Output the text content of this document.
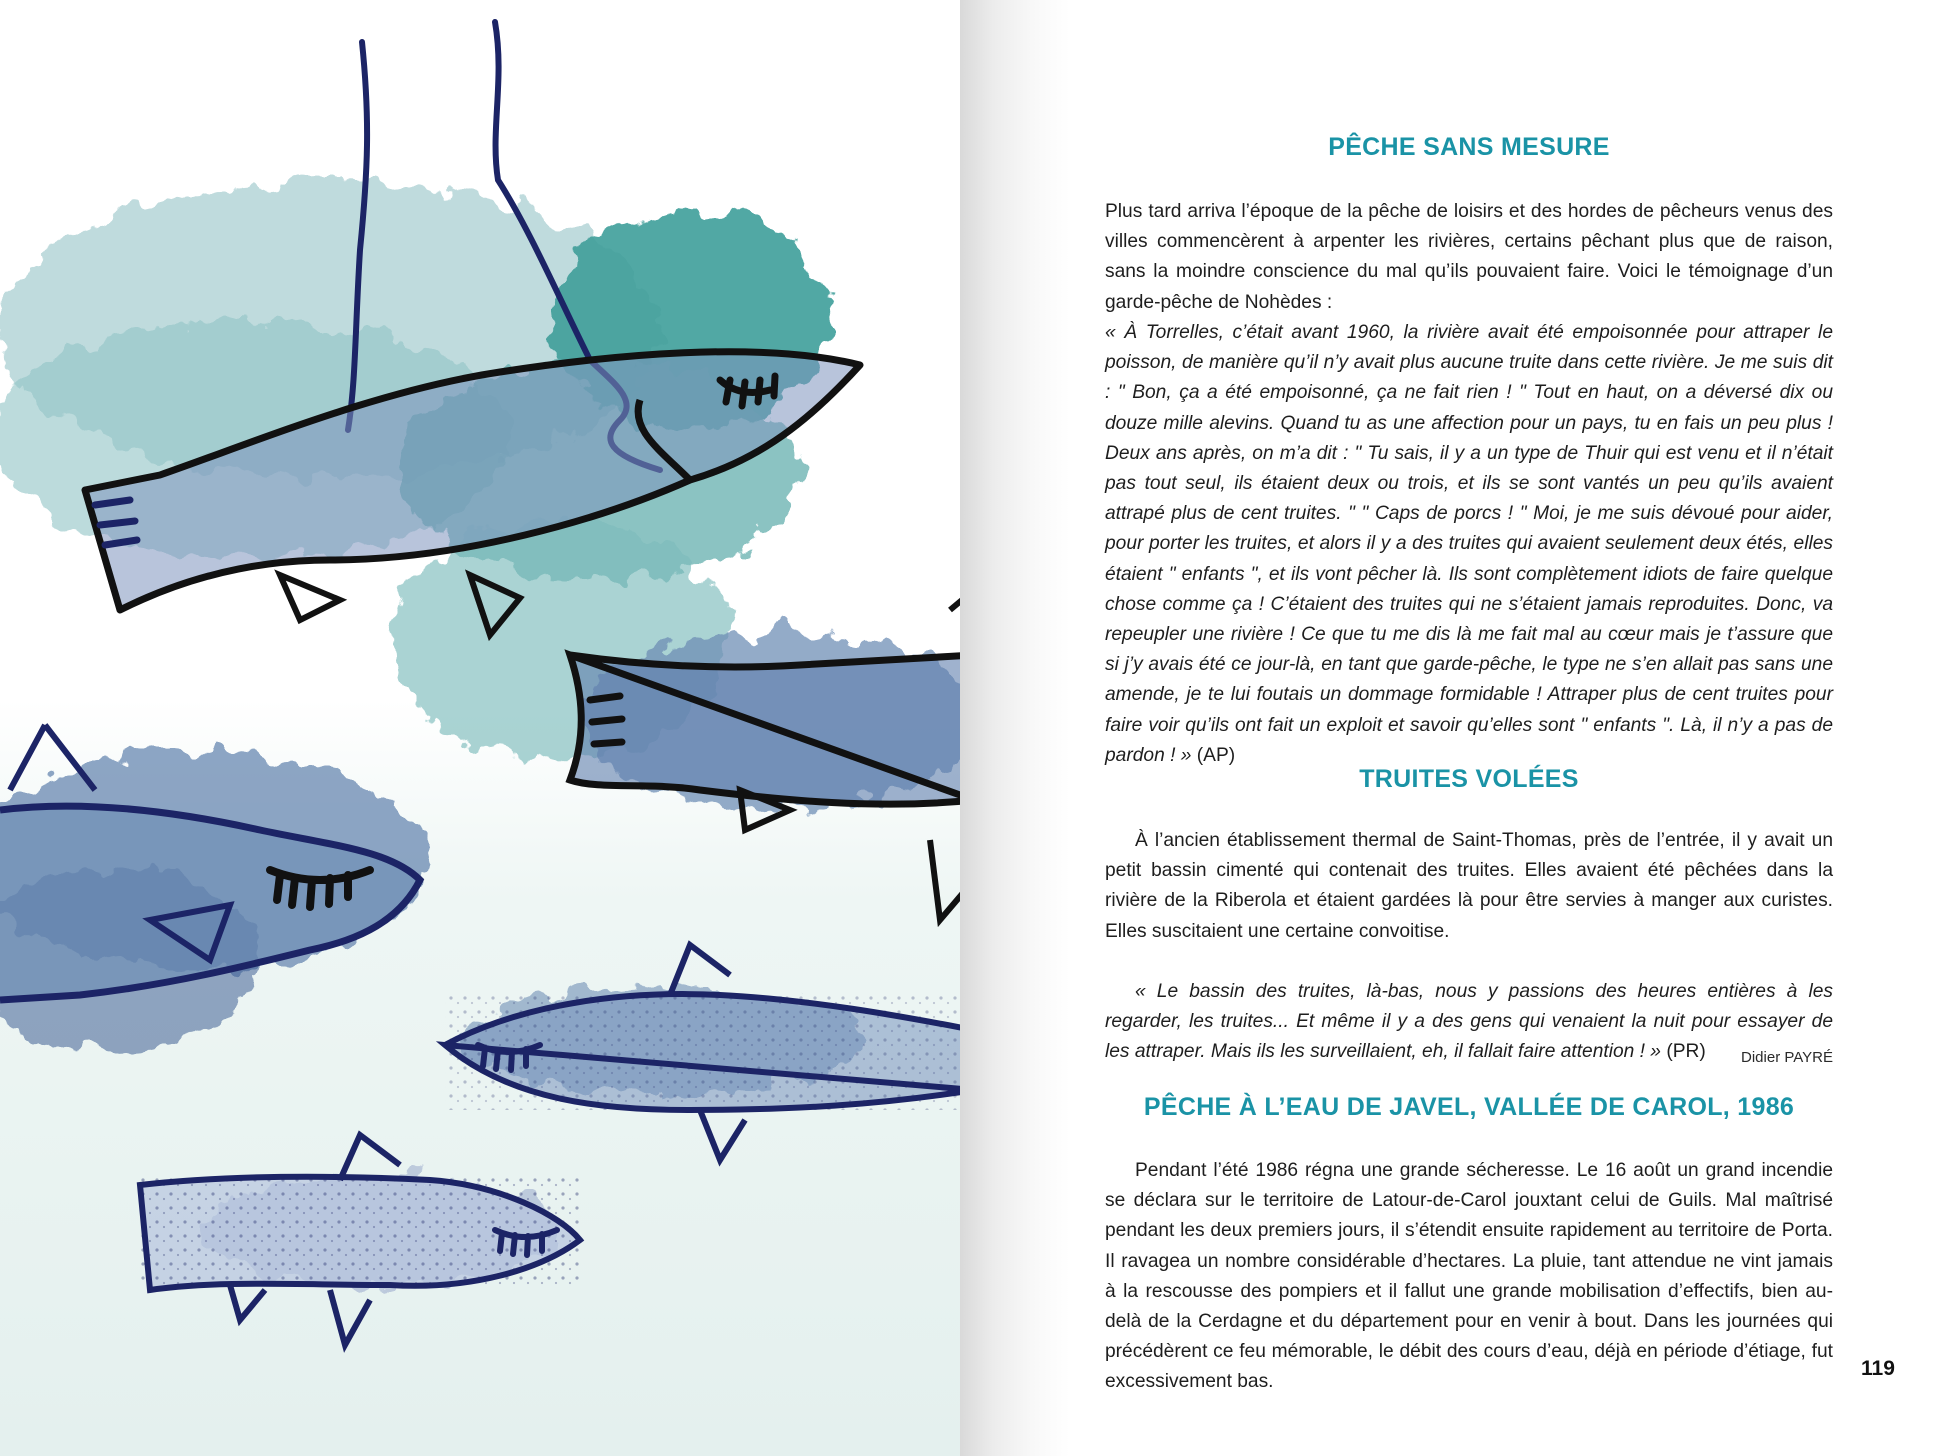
PÊCHE SANS MESURE

Plus tard arriva l’époque de la pêche de loisirs et des hordes de pêcheurs venus des villes commencèrent à arpenter les rivières, certains pêchant plus que de raison, sans la moindre conscience du mal qu’ils pouvaient faire. Voici le témoignage d’un garde-pêche de Nohèdes :

« À Torrelles, c’était avant 1960, la rivière avait été empoisonnée pour attraper le poisson, de manière qu’il n’y avait plus aucune truite dans cette rivière. Je me suis dit : " Bon, ça a été empoisonné, ça ne fait rien ! " Tout en haut, on a déversé dix ou douze mille alevins. Quand tu as une affection pour un pays, tu en fais un peu plus ! Deux ans après, on m’a dit : " Tu sais, il y a un type de Thuir qui est venu et il n’était pas tout seul, ils étaient deux ou trois, et ils se sont vantés un peu qu’ils avaient attrapé plus de cent truites. " " Caps de porcs ! " Moi, je me suis dévoué pour aider, pour porter les truites, et alors il y a des truites qui avaient seulement deux étés, elles étaient " enfants ", et ils vont pêcher là. Ils sont complètement idiots de faire quelque chose comme ça ! C’étaient des truites qui ne s’étaient jamais reproduites. Donc, va repeupler une rivière ! Ce que tu me dis là me fait mal au cœur mais je t’assure que si j’y avais été ce jour-là, en tant que garde-pêche, le type ne s’en allait pas sans une amende, je te lui foutais un dommage formidable ! Attraper plus de cent truites pour faire voir qu’ils ont fait un exploit et savoir qu’elles sont " enfants ". Là, il n’y a pas de pardon ! » (AP)

TRUITES VOLÉES

À l’ancien établissement thermal de Saint-Thomas, près de l’entrée, il y avait un petit bassin cimenté qui contenait des truites. Elles avaient été pêchées dans la rivière de la Riberola et étaient gardées là pour être servies à manger aux curistes. Elles suscitaient une certaine convoitise.

« Le bassin des truites, là-bas, nous y passions des heures entières à les regarder, les truites... Et même il y a des gens qui venaient la nuit pour essayer de les attraper. Mais ils les surveillaient, eh, il fallait faire attention ! » (PR)	Didier PAYRÉ
PÊCHE À L’EAU DE JAVEL, VALLÉE DE CAROL, 1986

Pendant l’été 1986 régna une grande sécheresse. Le 16 août un grand incendie se déclara sur le territoire de Latour-de-Carol jouxtant celui de Guils. Mal maîtrisé pendant les deux premiers jours, il s’étendit ensuite rapidement au territoire de Porta. Il ravagea un nombre considérable d’hectares. La pluie, tant attendue ne vint jamais à la rescousse des pompiers et il fallut une grande mobilisation d’effectifs, bien au-delà de la Cerdagne et du département pour en venir à bout. Dans les journées qui précédèrent ce feu mémorable, le débit des cours d’eau, déjà en période d’étiage, fut excessivement bas.

119
